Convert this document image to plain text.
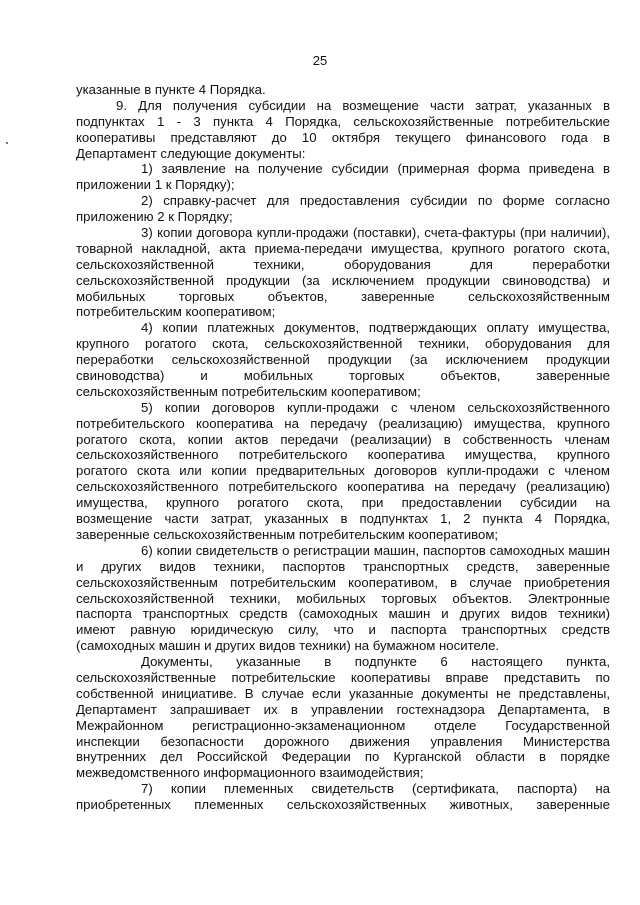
25
указанные в пункте 4 Порядка.
9. Для получения субсидии на возмещение части затрат, указанных в
подпунктах 1 - 3 пункта 4 Порядка, сельскохозяйственные потребительские
кооперативы представляют до 10 октября текущего финансового года в
Департамент следующие документы:
1) заявление на получение субсидии (примерная форма приведена в
приложении 1 к Порядку);
2) справку-расчет для предоставления субсидии по форме согласно
приложению 2 к Порядку;
3) копии договора купли-продажи (поставки), счета-фактуры (при наличии),
товарной накладной, акта приема-передачи имущества, крупного рогатого скота,
сельскохозяйственной техники, оборудования для переработки
сельскохозяйственной продукции (за исключением продукции свиноводства) и
мобильных торговых объектов, заверенные сельскохозяйственным
потребительским кооперативом;
4) копии платежных документов, подтверждающих оплату имущества,
крупного рогатого скота, сельскохозяйственной техники, оборудования для
переработки сельскохозяйственной продукции (за исключением продукции
свиноводства) и мобильных торговых объектов, заверенные
сельскохозяйственным потребительским кооперативом;
5) копии договоров купли-продажи с членом сельскохозяйственного
потребительского кооператива на передачу (реализацию) имущества, крупного
рогатого скота, копии актов передачи (реализации) в собственность членам
сельскохозяйственного потребительского кооператива имущества, крупного
рогатого скота или копии предварительных договоров купли-продажи с членом
сельскохозяйственного потребительского кооператива на передачу (реализацию)
имущества, крупного рогатого скота, при предоставлении субсидии на
возмещение части затрат, указанных в подпунктах 1, 2 пункта 4 Порядка,
заверенные сельскохозяйственным потребительским кооперативом;
6) копии свидетельств о регистрации машин, паспортов самоходных машин
и других видов техники, паспортов транспортных средств, заверенные
сельскохозяйственным потребительским кооперативом, в случае приобретения
сельскохозяйственной техники, мобильных торговых объектов. Электронные
паспорта транспортных средств (самоходных машин и других видов техники)
имеют равную юридическую силу, что и паспорта транспортных средств
(самоходных машин и других видов техники) на бумажном носителе.
Документы, указанные в подпункте 6 настоящего пункта,
сельскохозяйственные потребительские кооперативы вправе представить по
собственной инициативе. В случае если указанные документы не представлены,
Департамент запрашивает их в управлении гостехнадзора Департамента, в
Межрайонном регистрационно-экзаменационном отделе Государственной
инспекции безопасности дорожного движения управления Министерства
внутренних дел Российской Федерации по Курганской области в порядке
межведомственного информационного взаимодействия;
7) копии племенных свидетельств (сертификата, паспорта) на
приобретенных племенных сельскохозяйственных животных, заверенные
